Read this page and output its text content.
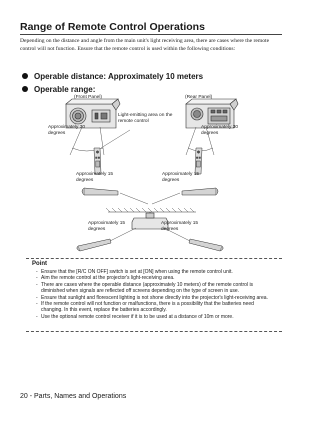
Range of Remote Control Operations
Depending on the distance and angle from the main unit's light receiving area, there are cases where the remote control will not function. Ensure that the remote control is used within the following conditions:
Operable distance: Approximately 10 meters
Operable range:
(Front Panel)	(Rear Panel)
Light-emitting area on the remote control
Approximately 30 degrees
Approximately 30 degrees
Approximately 15 degrees
Approximately 15 degrees
Approximately 15 degrees
Approximately 15 degrees
Point
- Ensure that the [R/C ON OFF] switch is set at [ON] when using the remote control unit.
- Aim the remote control at the projector's light-receiving area.
- There are cases where the operable distance (approximately 10 meters) of the remote control is diminished when signals are reflected off screens depending on the type of screen in use.
- Ensure that sunlight and florescent lighting is not shone directly into the projector's light-receiving area.
- If the remote control will not function or malfunctions, there is a possibility that the batteries need changing. In this event, replace the batteries accordingly.
- Use the optional remote control receiver if it is to be used at a distance of 10m or more.
20 - Parts, Names and Operations
